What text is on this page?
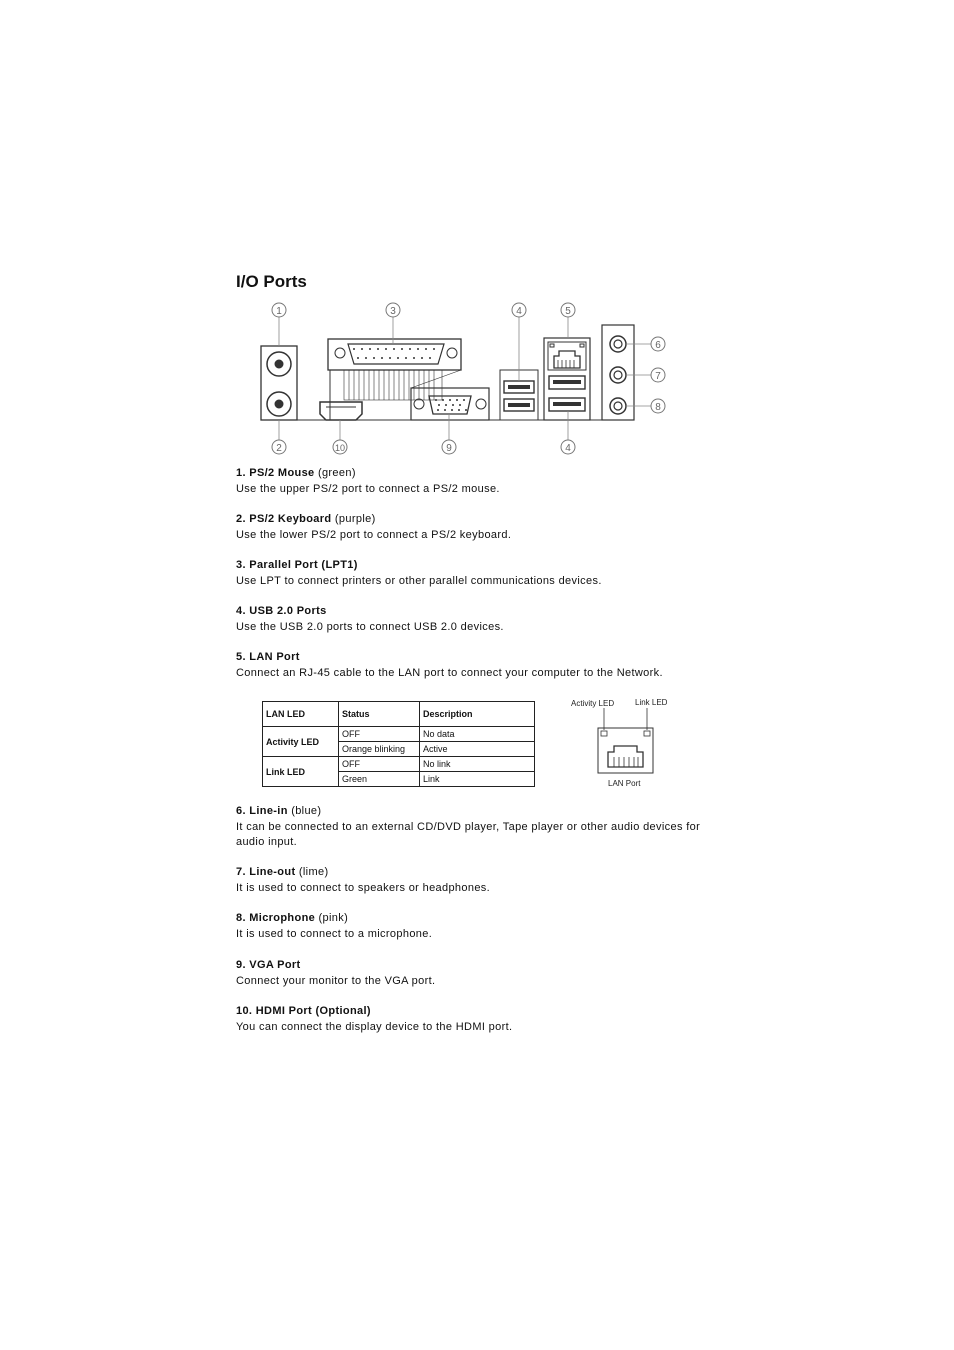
I/O Ports
1
2
3	4
4
5
6
7
8
9
10

1. PS/2 Mouse (green)

Use the upper PS/2 port to connect a PS/2 mouse.

2. PS/2 Keyboard (purple)

Use the lower PS/2 port to connect a PS/2 keyboard.

3. Parallel Port (LPT1)

Use LPT to connect printers or other parallel communications devices.

4. USB 2.0 Ports

Use the USB 2.0 ports to connect USB 2.0 devices.

5. LAN Port

Connect an RJ-45 cable to the LAN port to connect your computer to the Network.

LAN LED	Status	Description
Activity LED	OFF	No data
	Orange blinking	Active
Link LED	OFF	No link
	Green	Link
Activity LED	Link LED
LAN Port

6. Line-in (blue)

It can be connected to an external CD/DVD player, Tape player or other audio devices for audio input.

7. Line-out (lime)

It is used to connect to speakers or headphones.

8. Microphone (pink)

It is used to connect to a microphone.

9. VGA Port

Connect your monitor to the VGA port.

10. HDMI Port (Optional)

You can connect the display device to the HDMI port.
